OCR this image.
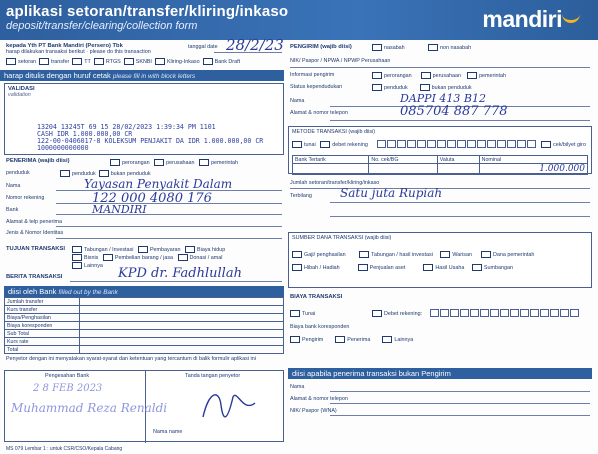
aplikasi setoran/transfer/kliring/inkaso
deposit/transfer/clearing/collection form	mandiri
kepada Yth PT Bank Mandiri (Persero) Tbk
harap dilakukan transaksi berikut · please do this transaction
tanggal date 28/2/23
setoran	transfer	TT	RTGS	SKNBI	Kliring-Inkaso	Bank Draft
harap ditulis dengan huruf cetak please fill in with block letters
VALIDASI
validation
13204 13245T 69 15 28/02/2023 1:39:34 PM 1101
CASH IDR 1.000.000,00 CR
122-00-0406017-8 KOLEKSUM PENJAKIT DA IDR 1.000.000,00 CR
1000000000000
PENERIMA (wajib diisi)	perorangan	perusahaan	pemerintah
penduduk	penduduk	bukan penduduk
Nama	Yayasan Penyakit Dalam
Nomor rekening	122 000 4080 176
Bank	MANDIRI
Alamat & telp penerima
Jenis & Nomor Identitas
TUJUAN TRANSAKSI	Tabungan / Investasi	Pembayaran	Biaya hidup
Bisnis	Pembelian barang / jasa	Donasi / amal
Lainnya
BERITA TRANSAKSI	KPD dr. Fadhlullah
diisi oleh Bank filled out by the Bank
Jumlah transfer	
Kurs transfer	
Biaya/Penghasilan	
Biaya koresponden	
Sub Total	
Kurs rate	
Total	
Penyetor dengan ini menyatakan syarat-syarat dan ketentuan yang tercantum di balik formulir aplikasi ini
Pengesahan Bank	Tanda tangan penyetor
2 8 FEB 2023
Muhammad Reza Renaldi
Nama name
PENGIRIM (wajib diisi)	nasabah	non nasabah
NIK/ Paspor / NPWA / NPWP Perusahaan
Informasi pengirim	perorangan	perusahaan	pemerintah
Status kependudukan	penduduk	bukan penduduk
Nama	DAPPI 413 B12
Alamat & nomor telepon	085704 887 778
METODE TRANSAKSI (wajib diisi)
tunai	debet rekening	cek/bilyet giro
Bank Tertarik	No. cek/BG	Valuta	Nominal
			1.000.000
Jumlah setoran/transfer/kliring/inkaso
Terbilang Satu juta Rupiah
SUMBER DANA TRANSAKSI (wajib diisi)
Gaji/ penghasilan	Tabungan / hasil investasi	Warisan	Dana pemerintah
Hibah / Hadiah	Penjualan aset	Hasil Usaha	Sumbangan
BIAYA TRANSAKSI
Tunai	Debet rekening:
Biaya bank koresponden
Pengirim	Penerima	Lainnya
diisi apabila penerima transaksi bukan Pengirim
Nama
Alamat & nomor telepon
NIK/ Paspor (WNA)
MS 079 Lembar 1 : untuk CSR/CSO/Kepala Cabang
